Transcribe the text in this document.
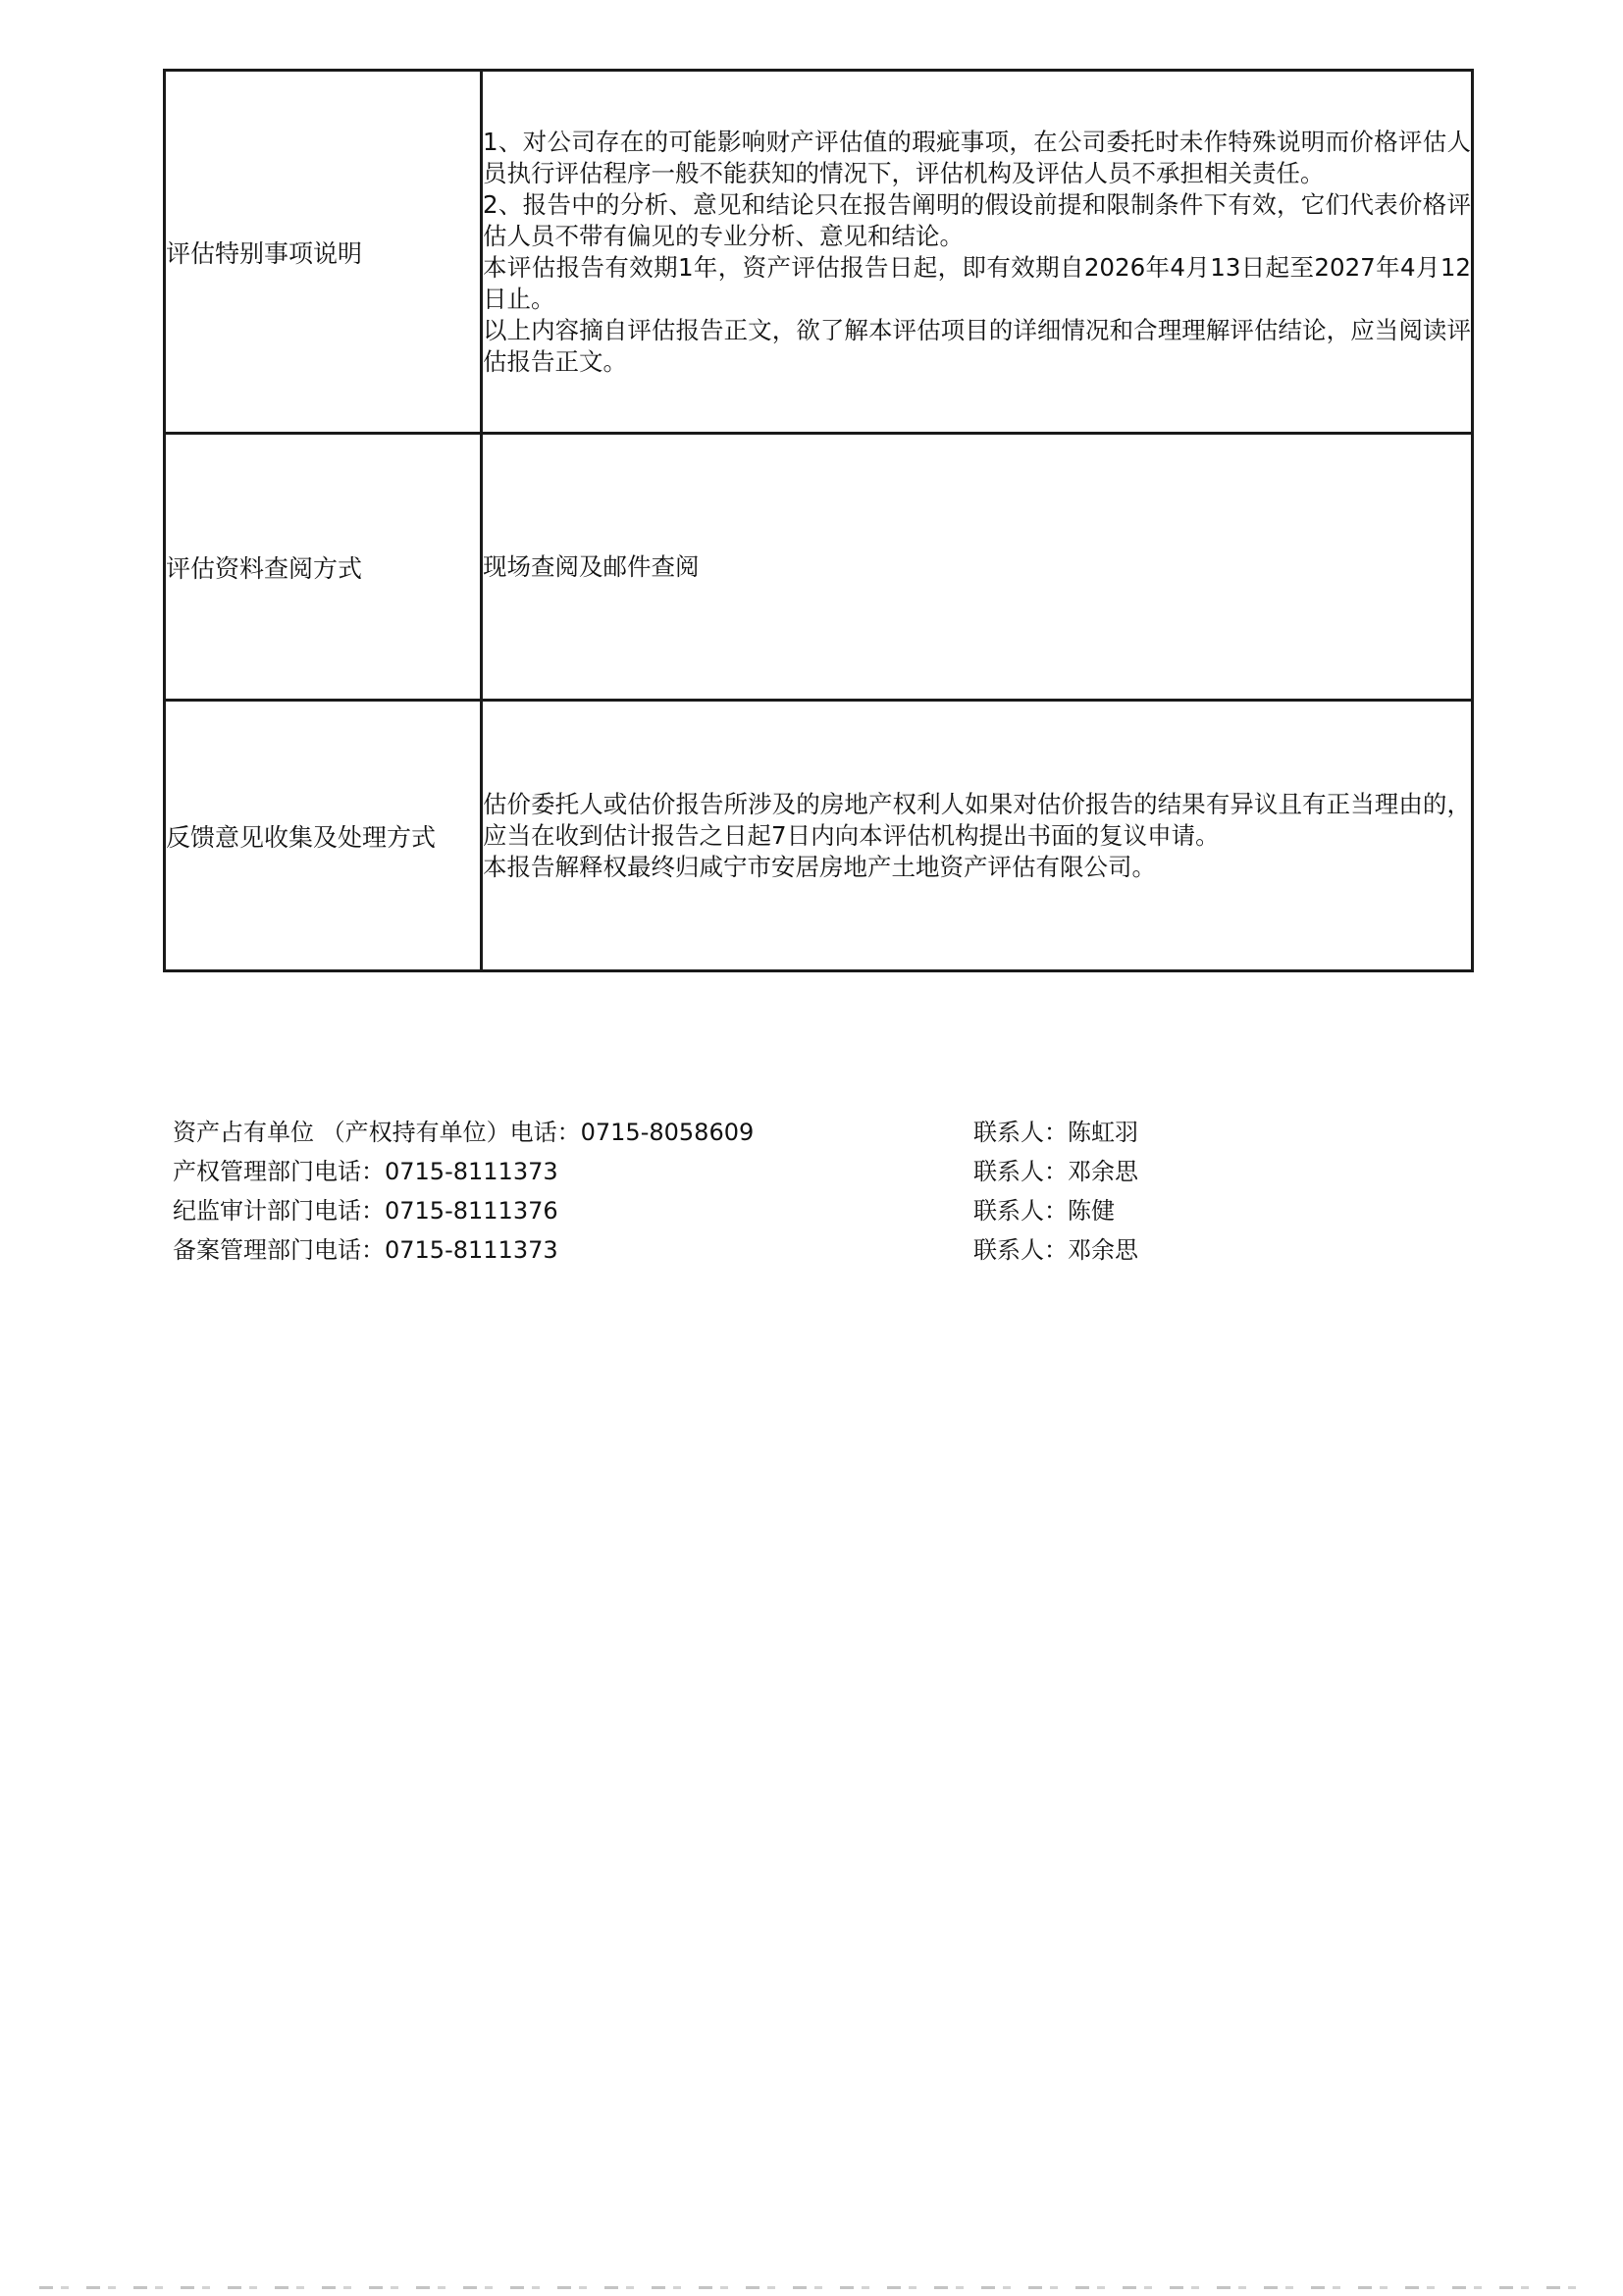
评估特别事项说明	1、对公司存在的可能影响财产评估值的瑕疵事项，在公司委托时未作特殊说明而价格评估人员执行评估程序一般不能获知的情况下，评估机构及评估人员不承担相关责任。
2、报告中的分析、意见和结论只在报告阐明的假设前提和限制条件下有效，它们代表价格评估人员不带有偏见的专业分析、意见和结论。
本评估报告有效期1年，资产评估报告日起，即有效期自2026年4月13日起至2027年4月12日止。
以上内容摘自评估报告正文，欲了解本评估项目的详细情况和合理理解评估结论，应当阅读评估报告正文。

评估资料查阅方式	现场查阅及邮件查阅

反馈意见收集及处理方式	估价委托人或估价报告所涉及的房地产权利人如果对估价报告的结果有异议且有正当理由的，应当在收到估计报告之日起7日内向本评估机构提出书面的复议申请。
本报告解释权最终归咸宁市安居房地产土地资产评估有限公司。
资产占有单位 （产权持有单位）电话：0715-8058609	联系人：陈虹羽
产权管理部门电话：0715-8111373	联系人：邓余思
纪监审计部门电话：0715-8111376	联系人：陈健
备案管理部门电话：0715-8111373	联系人：邓余思
